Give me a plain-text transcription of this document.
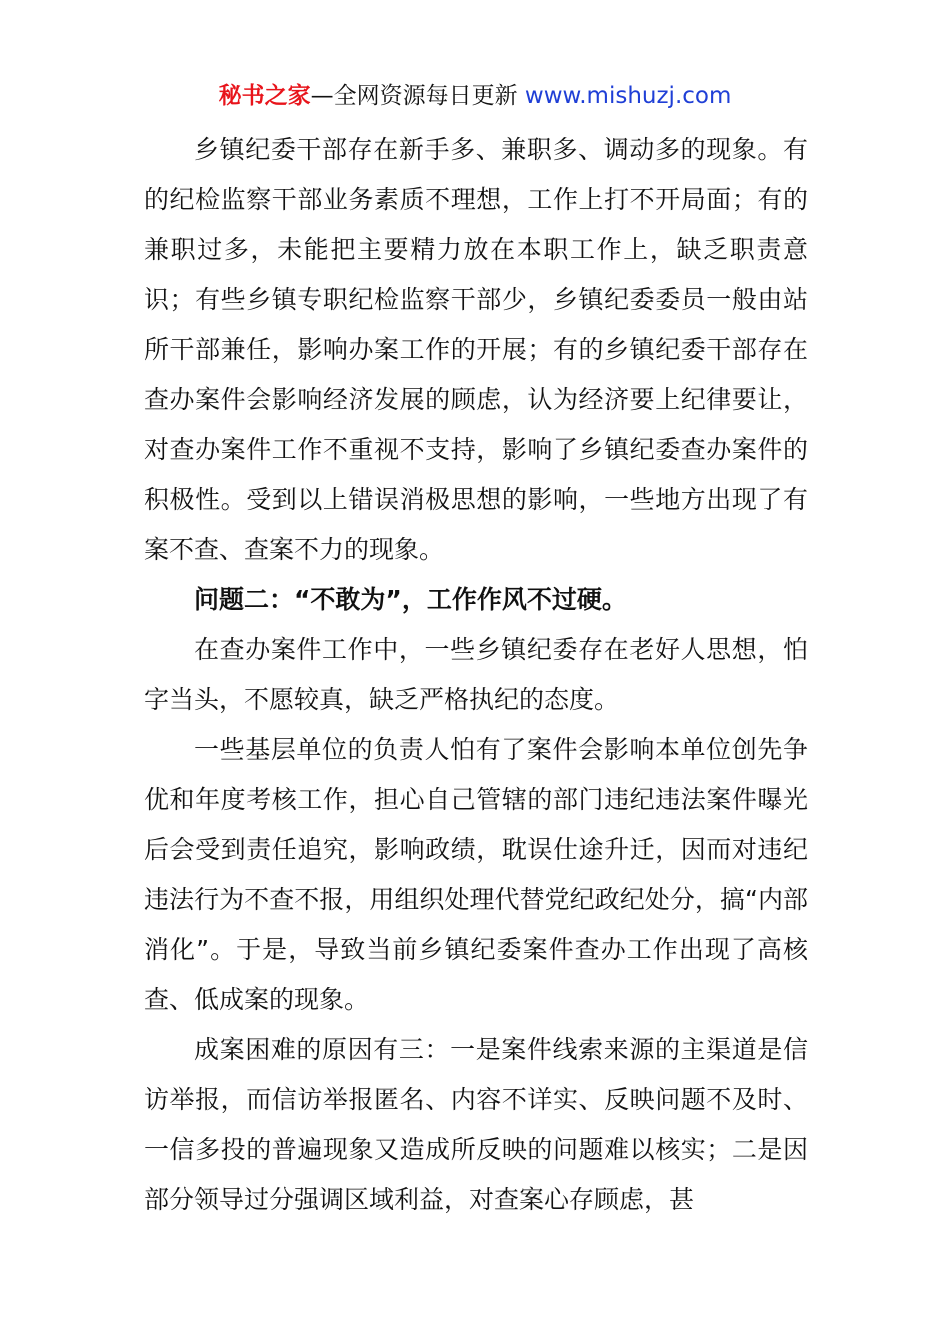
秘书之家—全网资源每日更新 www.mishuzj.com

乡镇纪委干部存在新手多、兼职多、调动多的现象。有的纪检监察干部业务素质不理想，工作上打不开局面；有的兼职过多，未能把主要精力放在本职工作上，缺乏职责意识；有些乡镇专职纪检监察干部少，乡镇纪委委员一般由站所干部兼任，影响办案工作的开展；有的乡镇纪委干部存在查办案件会影响经济发展的顾虑，认为经济要上纪律要让，对查办案件工作不重视不支持，影响了乡镇纪委查办案件的积极性。受到以上错误消极思想的影响，一些地方出现了有案不查、查案不力的现象。

问题二：“不敢为”，工作作风不过硬。

在查办案件工作中，一些乡镇纪委存在老好人思想，怕字当头，不愿较真，缺乏严格执纪的态度。

一些基层单位的负责人怕有了案件会影响本单位创先争优和年度考核工作，担心自己管辖的部门违纪违法案件曝光后会受到责任追究，影响政绩，耽误仕途升迁，因而对违纪违法行为不查不报，用组织处理代替党纪政纪处分，搞“内部消化”。于是，导致当前乡镇纪委案件查办工作出现了高核查、低成案的现象。

成案困难的原因有三：一是案件线索来源的主渠道是信访举报，而信访举报匿名、内容不详实、反映问题不及时、一信多投的普遍现象又造成所反映的问题难以核实；二是因部分领导过分强调区域利益，对查案心存顾虑，甚
